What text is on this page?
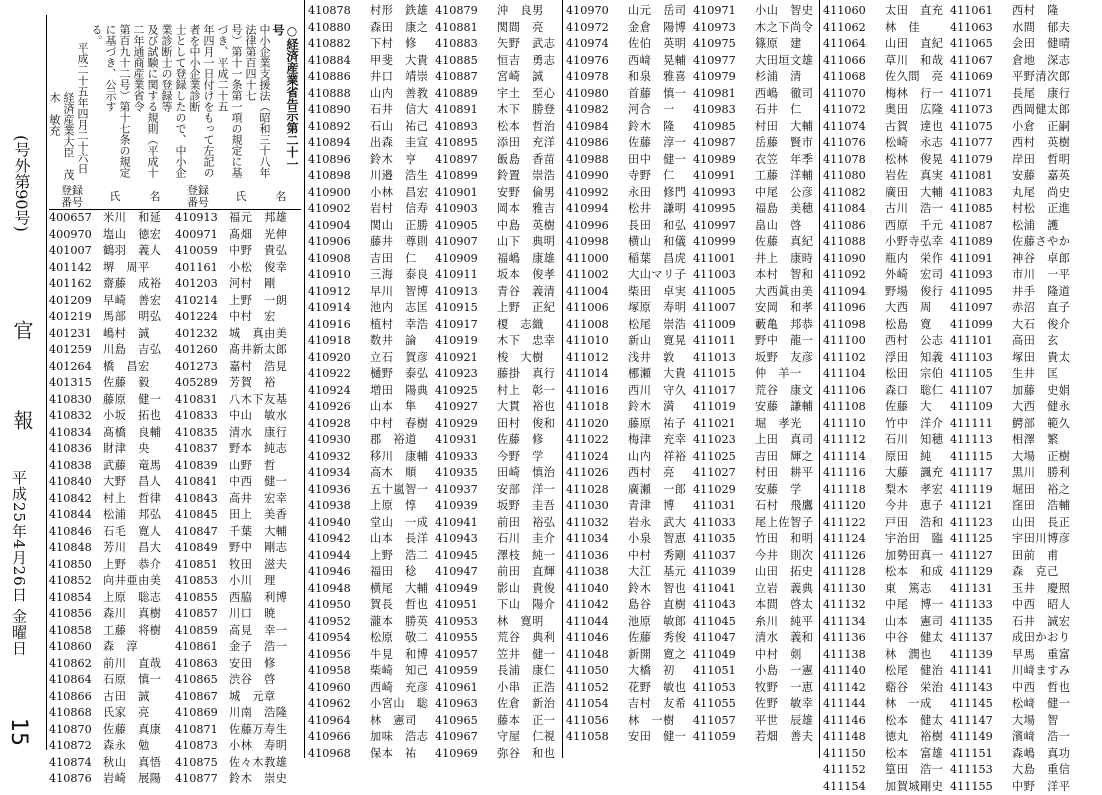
(号外第90号)
官報
平成25年4月26日 金曜日
15
○経済産業省告示第二十一号
中小企業支援法（昭和三十八年法律第百四十七
号）第十一条第一項の規定に基づき、平成二十五
年四月一日付けをもって左記の者を中小企業診断
士として登録したので、中小企業診断士の登録等
及び試験に関する規則（平成十二年通商産業省令
第百九十二号）第十七条の規定に基づき、公示す
る。
平成二十五年四月二十六日
経済産業大臣　茂木　敏充
登録
番号	氏	名	登録
番号	氏	名
400657	米川　和延	410913	福元　邦雄
400970	塩山　徳宏	400971	髙畑　光伸
401007	鶴羽　義人	410059	中野　貴弘
401142	堺　周平	401161	小松　俊幸
401162	齋藤　成裕	401203	河村　剛
401209	早崎　善宏	410214	上野　一朗
401219	馬部　明弘	401224	中村　宏
401231	嶋村　誠	401232	城　真由美
401259	川島　吉弘	401260	髙井新太郎
401264	橋　昌宏	401273	嘉村　浩見
401315	佐藤　毅	405289	芳賀　裕
410830	藤原　健一	410831	八木下友基
410832	小坂　拓也	410833	中山　敏水
410834	髙橋　良輔	410835	清水　康行
410836	財津　央	410837	野本　純志
410838	武藤　竜馬	410839	山野　哲
410840	大野　昌人	410841	中西　健一
410842	村上　哲律	410843	高井　宏幸
410844	松浦　邦弘	410845	田上　美香
410846	石毛　寛人	410847	千葉　大輔
410848	芳川　昌大	410849	野中　剛志
410850	上野　恭介	410851	牧田　滋夫
410852	向井亜由美	410853	小川　理
410854	上原　聡志	410855	西脇　利博
410856	森川　真樹	410857	川口　暁
410858	工藤　将樹	410859	高見　幸一
410860	森　淳	410861	金子　浩一
410862	前川　直哉	410863	安田　修
410864	石原　慎一	410865	渋谷　啓
410866	古田　誠	410867	城　元章
410868	氏家　亮	410869	川南　浩隆
410870	佐藤　真康	410871	佐藤万寿生
410872	森永　勉	410873	小林　寿明
410874	秋山　真悟	410875	佐々木教雄
410876	岩崎　展陽	410877	鈴木　崇史
410878	村形　鉄雄 410879	沖　良男
410880	森田　康之 410881	関間　亮
410882	下村　修	410883	矢野　武志
410884	甲斐　大貴 410885	恒吉　勇志
410886	井口　靖崇 410887	宮崎　誠
410888	山内　善教 410889	宇土　至心
410890	石井　信大 410891	木下　勝登
410892	石山　祐己 410893	松本　哲治
410894	出森　圭宣 410895	添田　充洋
410896	鈴木　亨	410897	飯島　香苗
410898	川邉　浩生 410899	鈴置　崇浩
410900	小林　昌宏 410901	安野　倫男
410902	岩村　信寿 410903	岡本　雅吉
410904	関山　正勝 410905	中島　英樹
410906	藤井　尊則 410907	山下　典明
410908	吉田　仁	410909	福嶋　康雄
410910	三海　泰良 410911	坂本　俊孝
410912	早川　智博 410913	青谷　義清
410914	池内　志匡 410915	上野　正紀
410916	植村　幸浩 410917	榎　志織
410918	数井　論	410919	木下　忠幸
410920	立石　賀彦 410921	梭　大樹
410922	樋野　泰弘 410923	藤掛　真行
410924	増田　陽典 410925	村上　彰一
410926	山本　隼	410927	大貫　裕也
410928	中村　春樹 410929	田村　俊和
410930	郡　裕道	410931	佐藤　修
410932	移川　康輔 410933	今野　学
410934	高木　順	410935	田崎　慎治
410936	五十嵐智一 410937	安部　洋一
410938	上原　惇	410939	坂野　圭吾
410940	堂山　一成 410941	前田　裕弘
410942	山本　長洋 410943	石川　圭介
410944	上野　浩二 410945	澤枝　純一
410946	福田　稔	410947	前田　直輝
410948	横尾　大輔 410949	影山　貴俊
410950	賀長　哲也 410951	下山　陽介
410952	瀧本　勝英 410953	林　寛明
410954	松原　敬二 410955	荒谷　典利
410956	牛見　和博 410957	笠井　健一
410958	柴崎　知己 410959	長浦　康仁
410960	西崎　充彦 410961	小串　正浩
410962	小宮山　聡 410963	佐倉　新治
410964	林　憲司	410965	藤本　正一
410966	加味　浩志 410967	守屋　仁視
410968	保本　祐	410969	弥谷　和也
410970	山元　岳司 410971	小山　智史
410972	金倉　陽博 410973	木之下尚令
410974	佐伯　英明 410975	篠原　建
410976	西﨑　晃輔 410977	大田垣文雄
410978	和泉　雅喜 410979	杉浦　清
410980	首藤　慎一 410981	西嶋　徹司
410982	河合　一	410983	石井　仁
410984	鈴木　隆	410985	村田　大輔
410986	佐藤　淳一 410987	岳藤　賢市
410988	田中　健一 410989	衣笠　年季
410990	寺野　仁	410991	工藤　洋輔
410992	永田　修門 410993	中尾　公彦
410994	松井　謙明 410995	福島　美穂
410996	長田　和弘 410997	畠山　啓
410998	横山　和儀 410999	佐藤　真紀
411000	稲葉　昌虎 411001	井上　康時
411002	大山マリ子 411003	本村　智和
411004	柴田　卓実 411005	大西眞由美
411006	塚原　寿明 411007	安岡　和孝
411008	松尾　崇浩 411009	藪亀　邦恭
411010	新山　寛晃 411011	野中　龍一
411012	浅井　敦	411013	坂野　友彦
411014	梛瀬　大貴 411015	仲　羊一
411016	西川　守久 411017	荒谷　康文
411018	鈴木　満	411019	安藤　謙輔
411020	藤原　祐子 411021	堀　孝光
411022	梅津　充幸 411023	上田　真司
411024	山内　祥裕 411025	吉田　輝之
411026	西村　亮	411027	村田　耕平
411028	廣瀬　一郎 411029	安藤　学
411030	青津　博	411031	石村　飛鷹
411032	岩永　武大 411033	尾上佐智子
411034	小泉　智恵 411035	竹田　和明
411036	中村　秀剛 411037	今井　則次
411038	大江　基元 411039	山田　拓史
411040	鈴木　智也 411041	立岩　義典
411042	島谷　直樹 411043	本間　啓太
411044	池原　敏郎 411045	糸川　純平
411046	佐藤　秀俊 411047	清水　義和
411048	新開　寛之 411049	中村　剣
411050	大橋　初	411051	小島　一憲
411052	花野　敏也 411053	牧野　一恵
411054	吉村　友希 411055	佐野　敏幸
411056	林　一樹	411057	平世　辰雄
411058	安田　健一 411059	若畑　善夫
411060	太田　直充 411061	西村　隆
411062	林　佳	411063	水間　郁夫
411064	山田　直紀 411065	会田　健晴
411066	草川　和哉 411067	倉地　深志
411068	佐久間　亮 411069	平野清次郎
411070	梅林　行一 411071	長尾　康行
411072	奥田　広隆 411073	西岡健太郎
411074	古賀　達也 411075	小倉　正嗣
411076	松崎　永志 411077	西村　英樹
411078	松林　俊晃 411079	岸田　哲明
411080	岩佐　真実 411081	安藤　嘉英
411082	廣田　大輔 411083	丸尾　尚史
411084	古川　浩一 411085	村松　正進
411086	西原　千元 411087	松浦　護
411088	小野寺弘幸 411089	佐藤さやか
411090	瓶内　栄作 411091	神谷　卓郎
411092	外崎　宏司 411093	市川　一平
411094	野場　俊行 411095	井手　隆道
411096	大西　周	411097	赤沼　直子
411098	松島　寛	411099	大石　俊介
411100	西村　公志 411101	高田　玄
411102	浮田　知義 411103	塚田　貴太
411104	松田　宗伯 411105	生井　匡
411106	森口　聡仁 411107	加藤　史娟
411108	佐藤　大	411109	大西　健永
411110	竹中　洋介 411111	鰐部　範久
411112	石川　知穂 411113	相澤　繁
411114	原田　純	411115	大場　正樹
411116	大藤　諷充 411117	黒川　勝利
411118	梨木　孝宏 411119	堀田　裕之
411120	今井　恵子 411121	窪田　浩輔
411122	戸田　浩和 411123	山田　長正
411124	宇治田　臨 411125	宇田川博彦
411126	加勢田真一 411127	田前　甫
411128	松本　和成 411129	森　克己
411130	東　篤志	411131	玉井　慶照
411132	中尾　博一 411133	中西　昭人
411134	山本　憲司 411135	石井　誠宏
411136	中谷　健太 411137	成田かおり
411138	林　潤也	411139	早馬　重富
411140	松尾　健治 411141	川﨑ますみ
411142	谿谷　栄治 411143	中西　哲也
411144	林　一成	411145	松﨑　健一
411146	松本　健太 411147	大場　智
411148	徳丸　裕樹 411149	濱﨑　浩一
411150	松本　富雄 411151	森嶋　真功
411152	篁田　浩一 411153	大島　重信
411154	加賀城剛史 411155	中野　洋平
